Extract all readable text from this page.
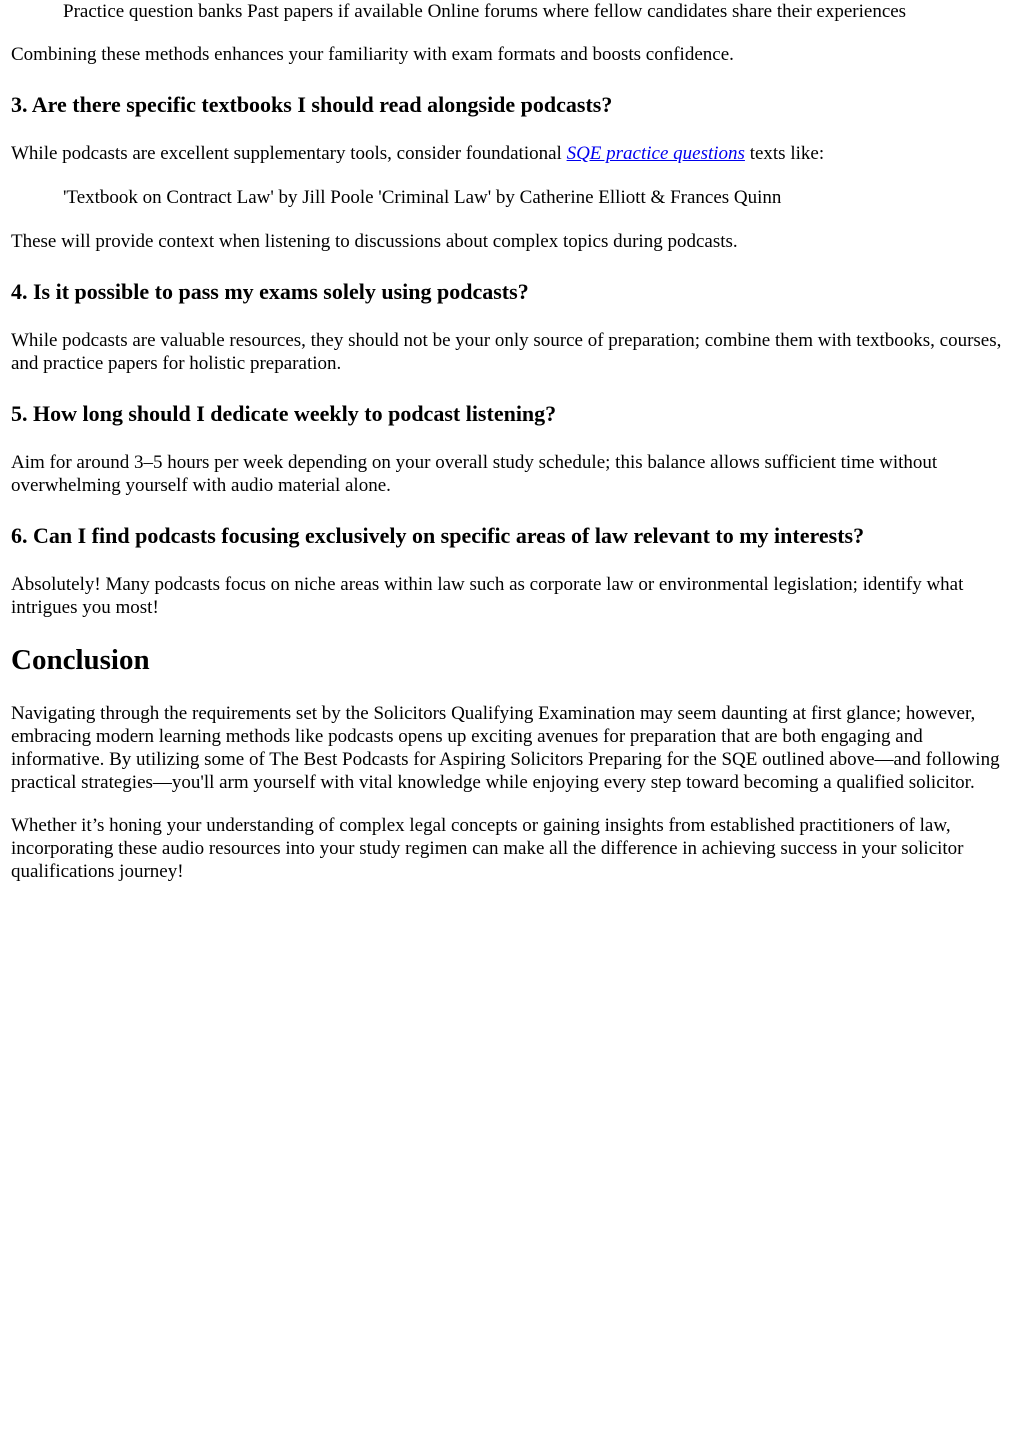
Practice question banks Past papers if available Online forums where fellow candidates share their experiences

Combining these methods enhances your familiarity with exam formats and boosts confidence.

3. Are there specific textbooks I should read alongside podcasts?

While podcasts are excellent supplementary tools, consider foundational SQE practice questions texts like:

'Textbook on Contract Law' by Jill Poole 'Criminal Law' by Catherine Elliott & Frances Quinn

These will provide context when listening to discussions about complex topics during podcasts.

4. Is it possible to pass my exams solely using podcasts?

While podcasts are valuable resources, they should not be your only source of preparation; combine them with textbooks, courses, and practice papers for holistic preparation.

5. How long should I dedicate weekly to podcast listening?

Aim for around 3–5 hours per week depending on your overall study schedule; this balance allows sufficient time without overwhelming yourself with audio material alone.

6. Can I find podcasts focusing exclusively on specific areas of law relevant to my interests?

Absolutely! Many podcasts focus on niche areas within law such as corporate law or environmental legislation; identify what intrigues you most!

Conclusion

Navigating through the requirements set by the Solicitors Qualifying Examination may seem daunting at first glance; however, embracing modern learning methods like podcasts opens up exciting avenues for preparation that are both engaging and informative. By utilizing some of The Best Podcasts for Aspiring Solicitors Preparing for the SQE outlined above—and following practical strategies—you'll arm yourself with vital knowledge while enjoying every step toward becoming a qualified solicitor.

Whether it’s honing your understanding of complex legal concepts or gaining insights from established practitioners of law, incorporating these audio resources into your study regimen can make all the difference in achieving success in your solicitor qualifications journey!
